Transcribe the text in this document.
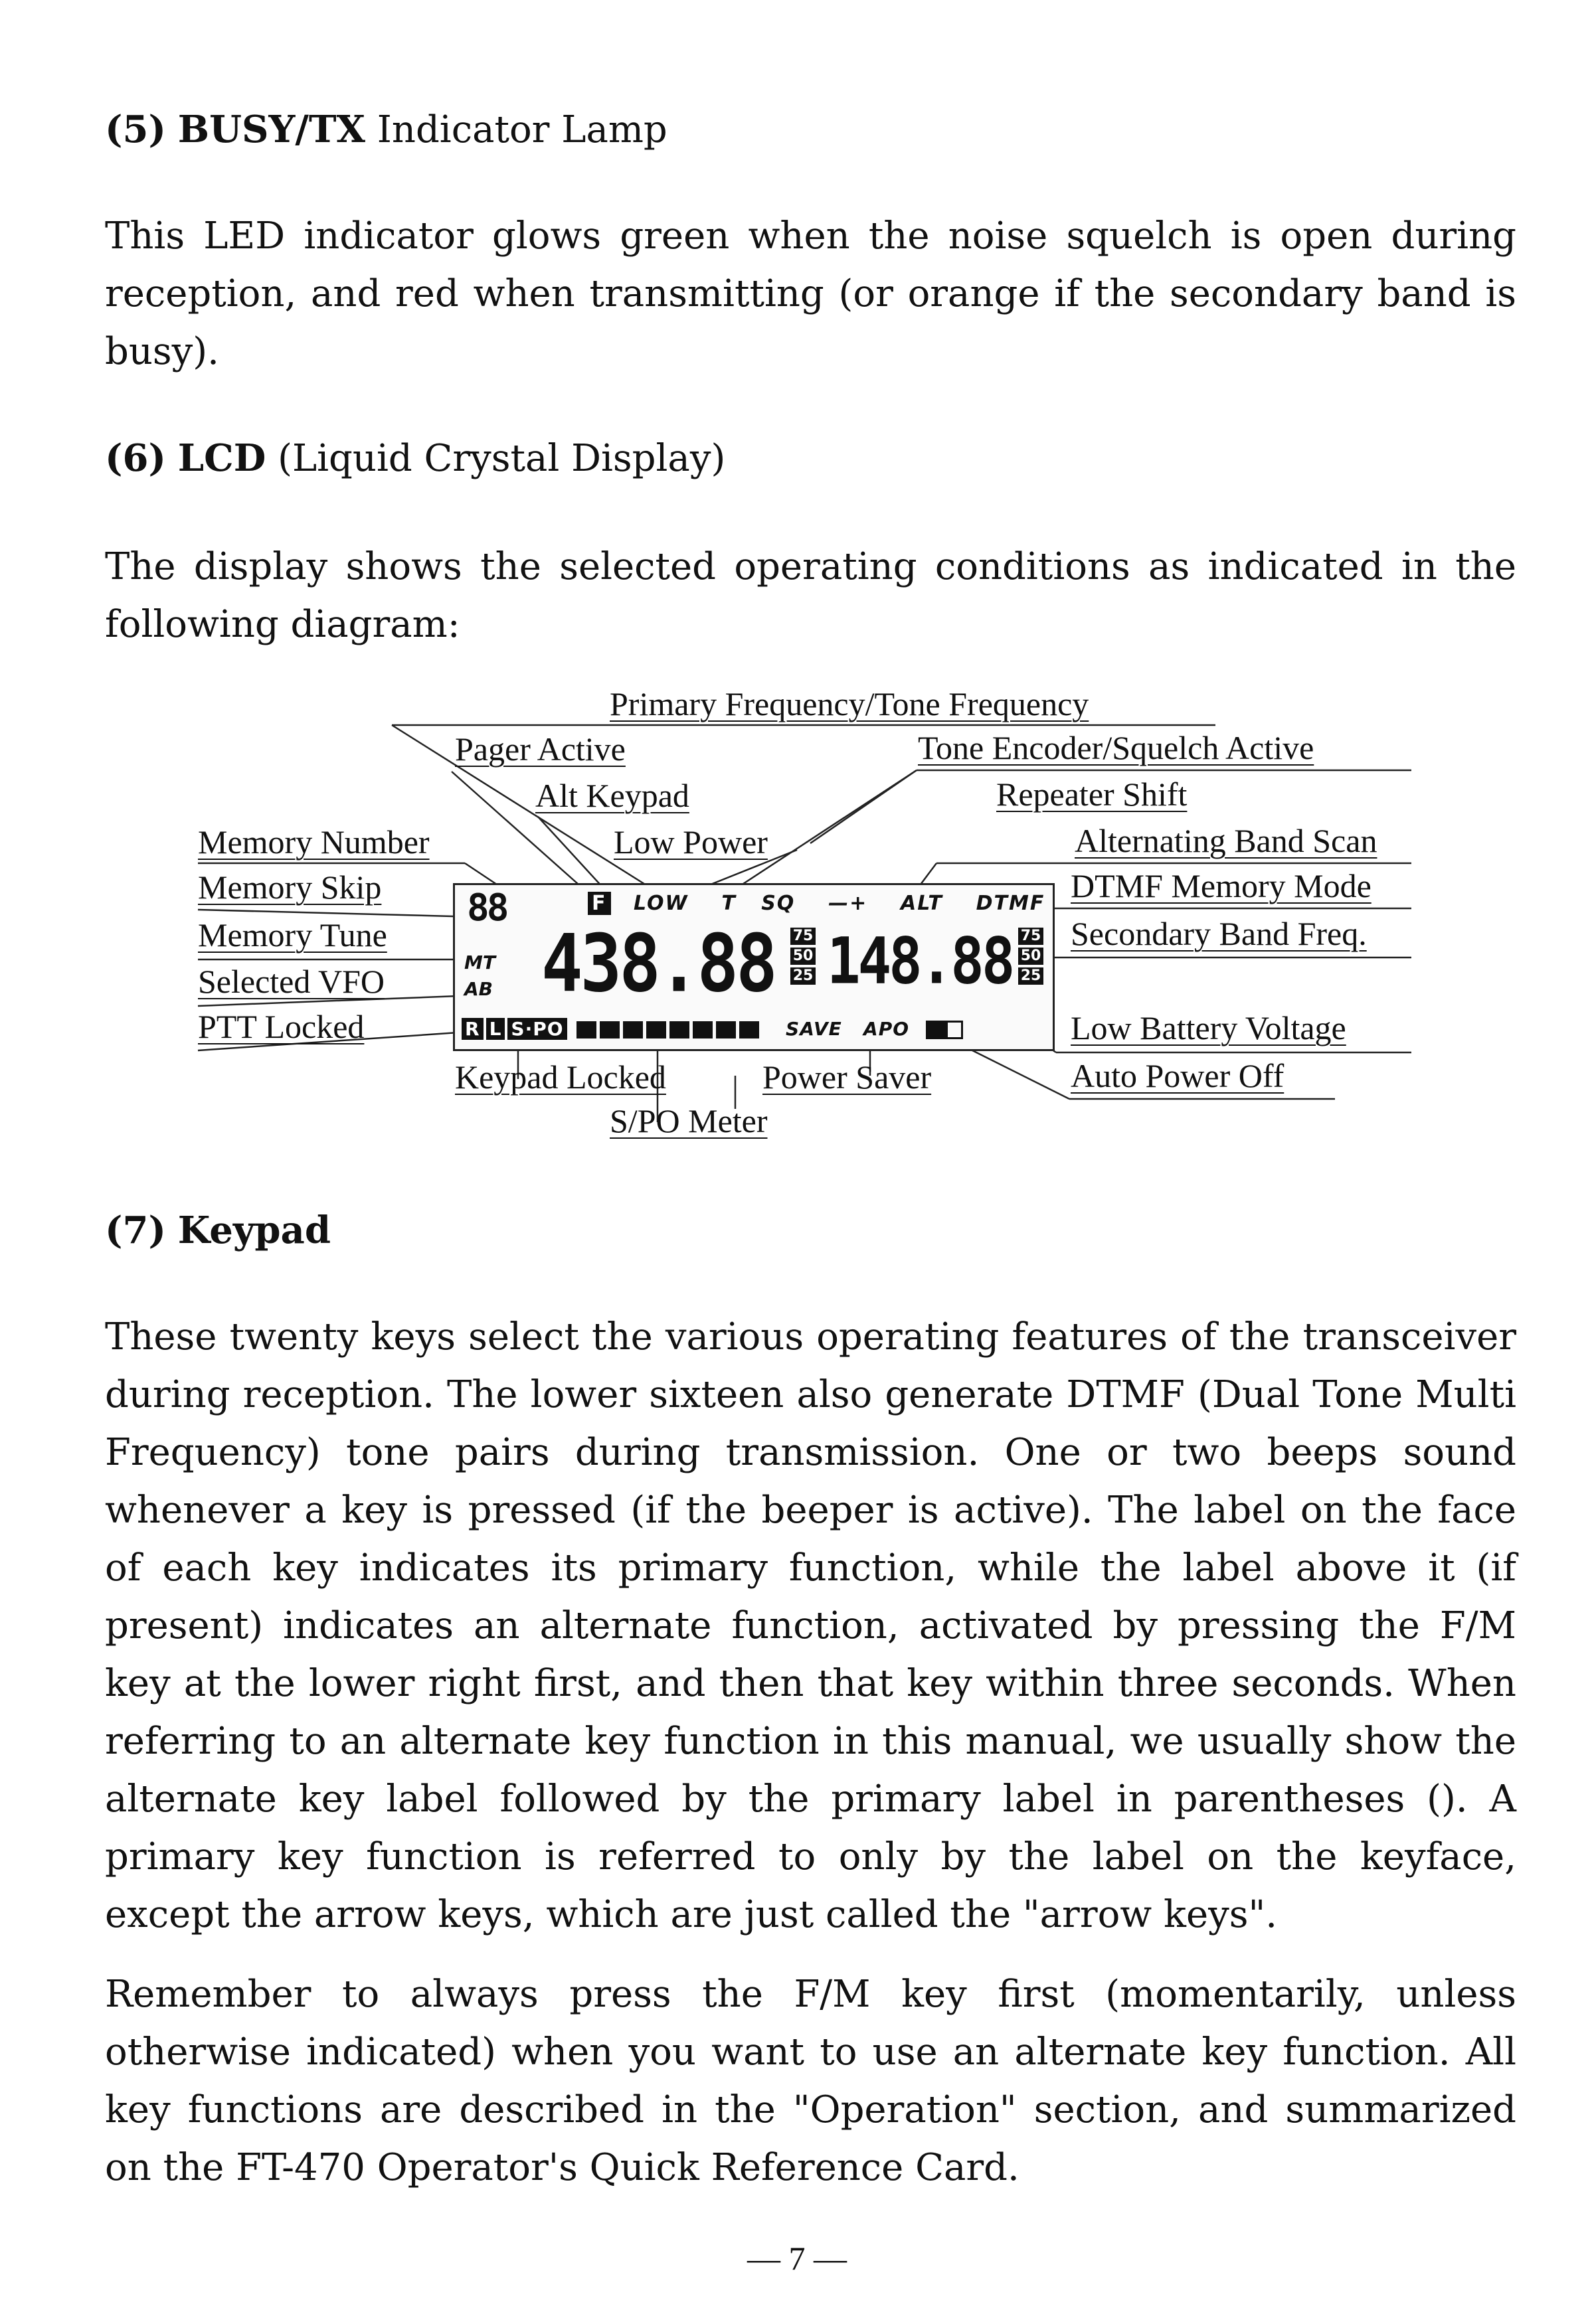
(5) BUSY/TX Indicator Lamp

This LED indicator glows green when the noise squelch is open during reception, and red when transmitting (or orange if the secondary band is busy).

(6) LCD (Liquid Crystal Display)

The display shows the selected operating conditions as indicated in the following diagram:

Primary Frequency/Tone Frequency
Pager Active	Tone Encoder/Squelch Active
Alt Keypad	Repeater Shift
Memory Number	Low Power	Alternating Band Scan
Memory Skip	DTMF Memory Mode
Memory Tune	Secondary Band Freq.
Selected VFO
PTT Locked	Low Battery Voltage
Keypad Locked	Power Saver	Auto Power Off
S/PO Meter
88	F LOW T SQ —+ ALT DTMF
MT
AB 438.88 75
50
25 148.88 75
50
25
R L S·PO	SAVE APO
(7) Keypad

These twenty keys select the various operating features of the transceiver during reception. The lower sixteen also generate DTMF (Dual Tone Multi Frequency) tone pairs during transmission. One or two beeps sound whenever a key is pressed (if the beeper is active). The label on the face of each key indicates its primary function, while the label above it (if present) indicates an alternate function, activated by pressing the F/M key at the lower right first, and then that key within three seconds. When referring to an alternate key function in this manual, we usually show the alternate key label followed by the primary label in parentheses (). A primary key function is referred to only by the label on the keyface, except the arrow keys, which are just called the "arrow keys".

Remember to always press the F/M key first (momentarily, unless otherwise indicated) when you want to use an alternate key function. All key functions are described in the "Operation" section, and summarized on the FT-470 Operator's Quick Reference Card.

— 7 —
